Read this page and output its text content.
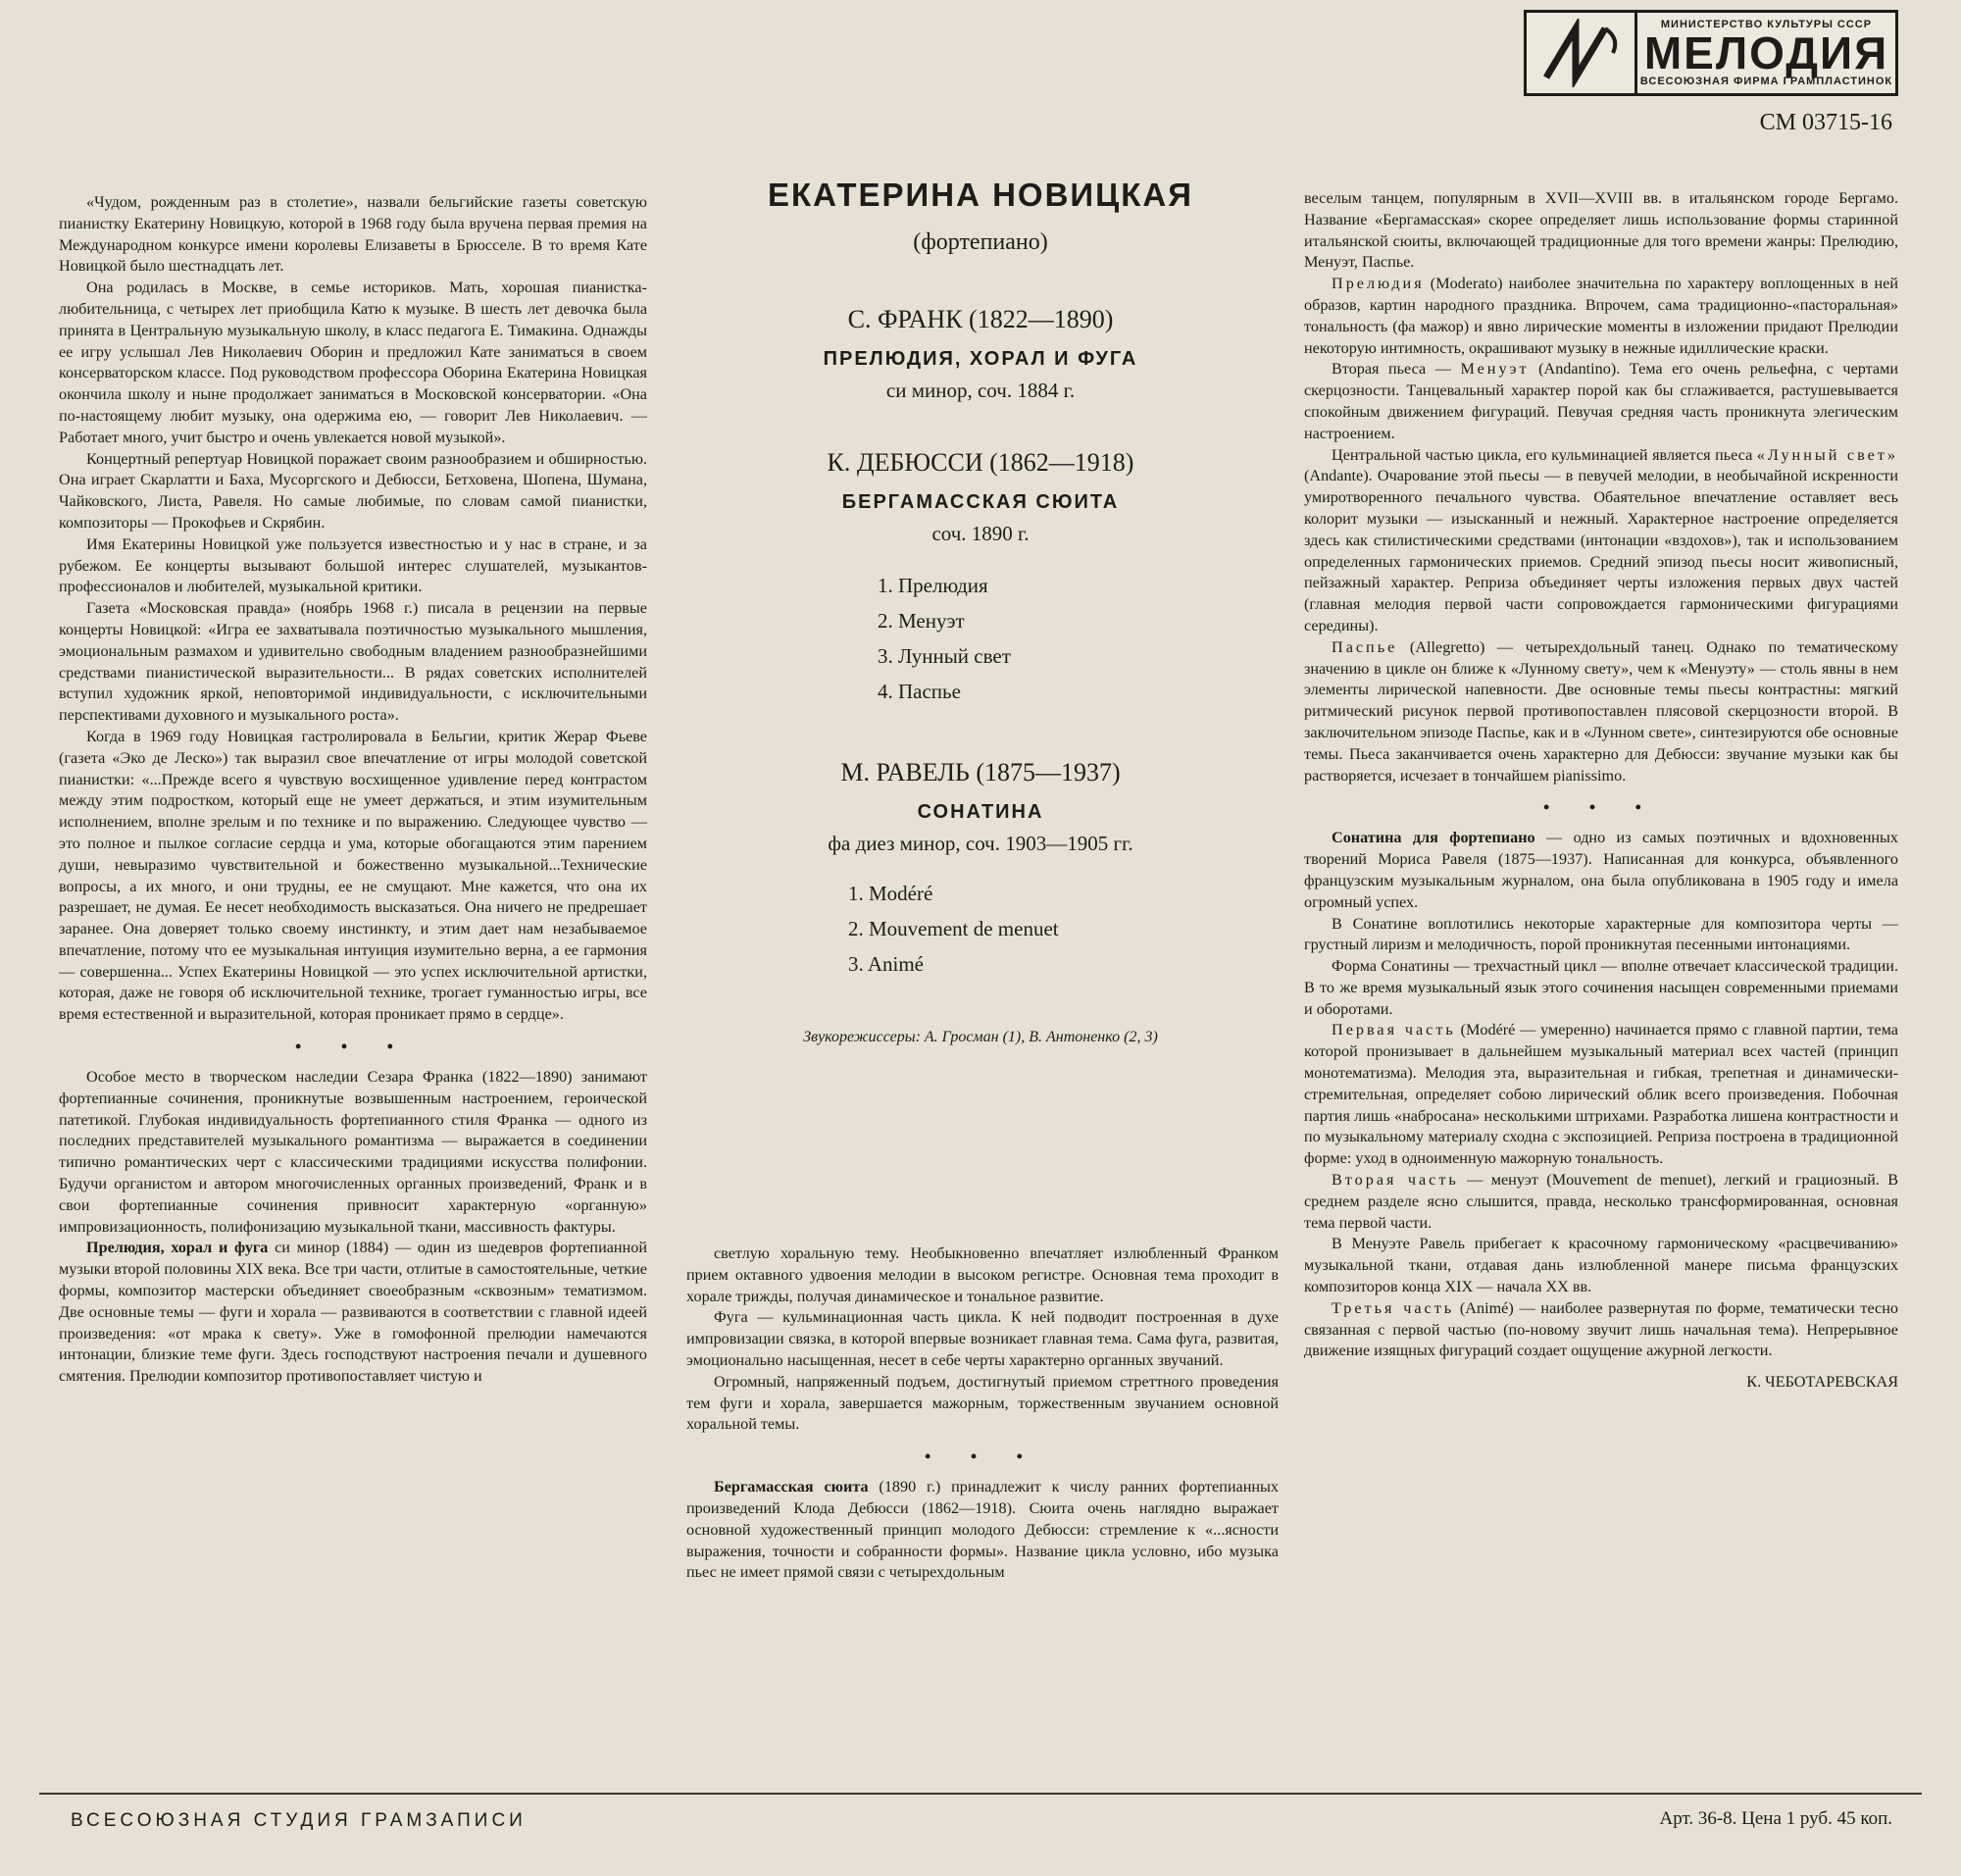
МИНИСТЕРСТВО КУЛЬТУРЫ СССР
МЕЛОДИЯ
ВСЕСОЮЗНАЯ ФИРМА ГРАМПЛАСТИНОК
СМ 03715-16

«Чудом, рожденным раз в столетие», назвали бельгийские газеты советскую пианистку Екатерину Новицкую, которой в 1968 году была вручена первая премия на Международном конкурсе имени королевы Елизаветы в Брюсселе. В то время Кате Новицкой было шестнадцать лет.

Она родилась в Москве, в семье историков. Мать, хорошая пианистка-любительница, с четырех лет приобщила Катю к музыке. В шесть лет девочка была принята в Центральную музыкальную школу, в класс педагога Е. Тимакина. Однажды ее игру услышал Лев Николаевич Оборин и предложил Кате заниматься в своем консерваторском классе. Под руководством профессора Оборина Екатерина Новицкая окончила школу и ныне продолжает заниматься в Московской консерватории. «Она по-настоящему любит музыку, она одержима ею, — говорит Лев Николаевич. — Работает много, учит быстро и очень увлекается новой музыкой».

Концертный репертуар Новицкой поражает своим разнообразием и обширностью. Она играет Скарлатти и Баха, Мусоргского и Дебюсси, Бетховена, Шопена, Шумана, Чайковского, Листа, Равеля. Но самые любимые, по словам самой пианистки, композиторы — Прокофьев и Скрябин.

Имя Екатерины Новицкой уже пользуется известностью и у нас в стране, и за рубежом. Ее концерты вызывают большой интерес слушателей, музыкантов-профессионалов и любителей, музыкальной критики.

Газета «Московская правда» (ноябрь 1968 г.) писала в рецензии на первые концерты Новицкой: «Игра ее захватывала поэтичностью музыкального мышления, эмоциональным размахом и удивительно свободным владением разнообразнейшими средствами пианистической выразительности... В рядах советских исполнителей вступил художник яркой, неповторимой индивидуальности, с исключительными перспективами духовного и музыкального роста».

Когда в 1969 году Новицкая гастролировала в Бельгии, критик Жерар Фьеве (газета «Эко де Леско») так выразил свое впечатление от игры молодой советской пианистки: «...Прежде всего я чувствую восхищенное удивление перед контрастом между этим подростком, который еще не умеет держаться, и этим изумительным исполнением, вполне зрелым и по технике и по выражению. Следующее чувство — это полное и пылкое согласие сердца и ума, которые обогащаются этим парением души, невыразимо чувствительной и божественно музыкальной...Технические вопросы, а их много, и они трудны, ее не смущают. Мне кажется, что она их разрешает, не думая. Ее несет необходимость высказаться. Она ничего не предрешает заранее. Она доверяет только своему инстинкту, и этим дает нам незабываемое впечатление, потому что ее музыкальная интуиция изумительно верна, а ее гармония — совершенна... Успех Екатерины Новицкой — это успех исключительной артистки, которая, даже не говоря об исключительной технике, трогает гуманностью игры, все время естественной и выразительной, которая проникает прямо в сердце».

• • •

Особое место в творческом наследии Сезара Франка (1822—1890) занимают фортепианные сочинения, проникнутые возвышенным настроением, героической патетикой. Глубокая индивидуальность фортепианного стиля Франка — одного из последних представителей музыкального романтизма — выражается в соединении типично романтических черт с классическими традициями искусства полифонии. Будучи органистом и автором многочисленных органных произведений, Франк и в свои фортепианные сочинения привносит характерную «органную» импровизационность, полифонизацию музыкальной ткани, массивность фактуры.

Прелюдия, хорал и фуга си минор (1884) — один из шедевров фортепианной музыки второй половины XIX века. Все три части, отлитые в самостоятельные, четкие формы, композитор мастерски объединяет своеобразным «сквозным» тематизмом. Две основные темы — фуги и хорала — развиваются в соответствии с главной идеей произведения: «от мрака к свету». Уже в гомофонной прелюдии намечаются интонации, близкие теме фуги. Здесь господствуют настроения печали и душевного смятения. Прелюдии композитор противопоставляет чистую и

ЕКАТЕРИНА НОВИЦКАЯ

(фортепиано)

С. ФРАНК (1822—1890)

ПРЕЛЮДИЯ, ХОРАЛ И ФУГА

си минор, соч. 1884 г.

К. ДЕБЮССИ (1862—1918)

БЕРГАМАССКАЯ СЮИТА

соч. 1890 г.

1. Прелюдия

2. Менуэт

3. Лунный свет

4. Паспье

М. РАВЕЛЬ (1875—1937)

СОНАТИНА

фа диез минор, соч. 1903—1905 гг.

1. Modéré

2. Mouvement de menuet

3. Animé

Звукорежиссеры: А. Гросман (1), В. Антоненко (2, 3)

светлую хоральную тему. Необыкновенно впечатляет излюбленный Франком прием октавного удвоения мелодии в высоком регистре. Основная тема проходит в хорале трижды, получая динамическое и тональное развитие.

Фуга — кульминационная часть цикла. К ней подводит построенная в духе импровизации связка, в которой впервые возникает главная тема. Сама фуга, развитая, эмоционально насыщенная, несет в себе черты характерно органных звучаний.

Огромный, напряженный подъем, достигнутый приемом стреттного проведения тем фуги и хорала, завершается мажорным, торжественным звучанием основной хоральной темы.

• • •

Бергамасская сюита (1890 г.) принадлежит к числу ранних фортепианных произведений Клода Дебюсси (1862—1918). Сюита очень наглядно выражает основной художественный принцип молодого Дебюсси: стремление к «...ясности выражения, точности и собранности формы». Название цикла условно, ибо музыка пьес не имеет прямой связи с четырехдольным

веселым танцем, популярным в XVII—XVIII вв. в итальянском городе Бергамо. Название «Бергамасская» скорее определяет лишь использование формы старинной итальянской сюиты, включающей традиционные для того времени жанры: Прелюдию, Менуэт, Паспье.

Прелюдия (Moderato) наиболее значительна по характеру воплощенных в ней образов, картин народного праздника. Впрочем, сама традиционно-«пасторальная» тональность (фа мажор) и явно лирические моменты в изложении придают Прелюдии некоторую интимность, окрашивают музыку в нежные идиллические краски.

Вторая пьеса — Менуэт (Andantino). Тема его очень рельефна, с чертами скерцозности. Танцевальный характер порой как бы сглаживается, растушевывается спокойным движением фигураций. Певучая средняя часть проникнута элегическим настроением.

Центральной частью цикла, его кульминацией является пьеса «Лунный свет» (Andante). Очарование этой пьесы — в певучей мелодии, в необычайной искренности умиротворенного печального чувства. Обаятельное впечатление оставляет весь колорит музыки — изысканный и нежный. Характерное настроение определяется здесь как стилистическими средствами (интонации «вздохов»), так и использованием определенных гармонических приемов. Средний эпизод пьесы носит живописный, пейзажный характер. Реприза объединяет черты изложения первых двух частей (главная мелодия первой части сопровождается гармоническими фигурациями середины).

Паспье (Allegretto) — четырехдольный танец. Однако по тематическому значению в цикле он ближе к «Лунному свету», чем к «Менуэту» — столь явны в нем элементы лирической напевности. Две основные темы пьесы контрастны: мягкий ритмический рисунок первой противопоставлен плясовой скерцозности второй. В заключительном эпизоде Паспье, как и в «Лунном свете», синтезируются обе основные темы. Пьеса заканчивается очень характерно для Дебюсси: звучание музыки как бы растворяется, исчезает в тончайшем pianissimo.

• • •

Сонатина для фортепиано — одно из самых поэтичных и вдохновенных творений Мориса Равеля (1875—1937). Написанная для конкурса, объявленного французским музыкальным журналом, она была опубликована в 1905 году и имела огромный успех.

В Сонатине воплотились некоторые характерные для композитора черты — грустный лиризм и мелодичность, порой проникнутая песенными интонациями.

Форма Сонатины — трехчастный цикл — вполне отвечает классической традиции. В то же время музыкальный язык этого сочинения насыщен современными приемами и оборотами.

Первая часть (Modéré — умеренно) начинается прямо с главной партии, тема которой пронизывает в дальнейшем музыкальный материал всех частей (принцип монотематизма). Мелодия эта, выразительная и гибкая, трепетная и динамически-стремительная, определяет собою лирический облик всего произведения. Побочная партия лишь «набросана» несколькими штрихами. Разработка лишена контрастности и по музыкальному материалу сходна с экспозицией. Реприза построена в традиционной форме: уход в одноименную мажорную тональность.

Вторая часть — менуэт (Mouvement de menuet), легкий и грациозный. В среднем разделе ясно слышится, правда, несколько трансформированная, основная тема первой части.

В Менуэте Равель прибегает к красочному гармоническому «расцвечиванию» музыкальной ткани, отдавая дань излюбленной манере письма французских композиторов конца XIX — начала XX вв.

Третья часть (Animé) — наиболее развернутая по форме, тематически тесно связанная с первой частью (по-новому звучит лишь начальная тема). Непрерывное движение изящных фигураций создает ощущение ажурной легкости.

К. ЧЕБОТАРЕВСКАЯ

ВСЕСОЮЗНАЯ СТУДИЯ ГРАМЗАПИСИ	Арт. 36-8. Цена 1 руб. 45 коп.
